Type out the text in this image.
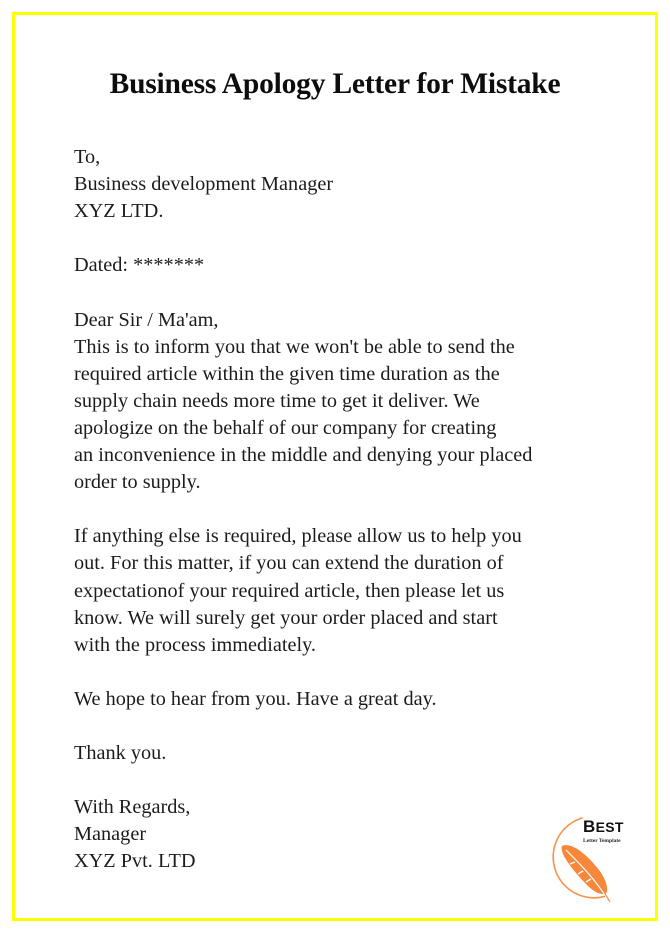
Business Apology Letter for Mistake
To,
Business development Manager
XYZ LTD.
Dated: *******
Dear Sir / Ma'am,
This is to inform you that we won't be able to send the
required article within the given time duration as the
supply chain needs more time to get it deliver. We
apologize on the behalf of our company for creating
an inconvenience in the middle and denying your placed
order to supply.
If anything else is required, please allow us to help you
out. For this matter, if you can extend the duration of
expectationof your required article, then please let us
know. We will surely get your order placed and start
with the process immediately.
We hope to hear from you. Have a great day.
Thank you.
With Regards,
Manager
XYZ Pvt. LTD
BEST
Letter Template
